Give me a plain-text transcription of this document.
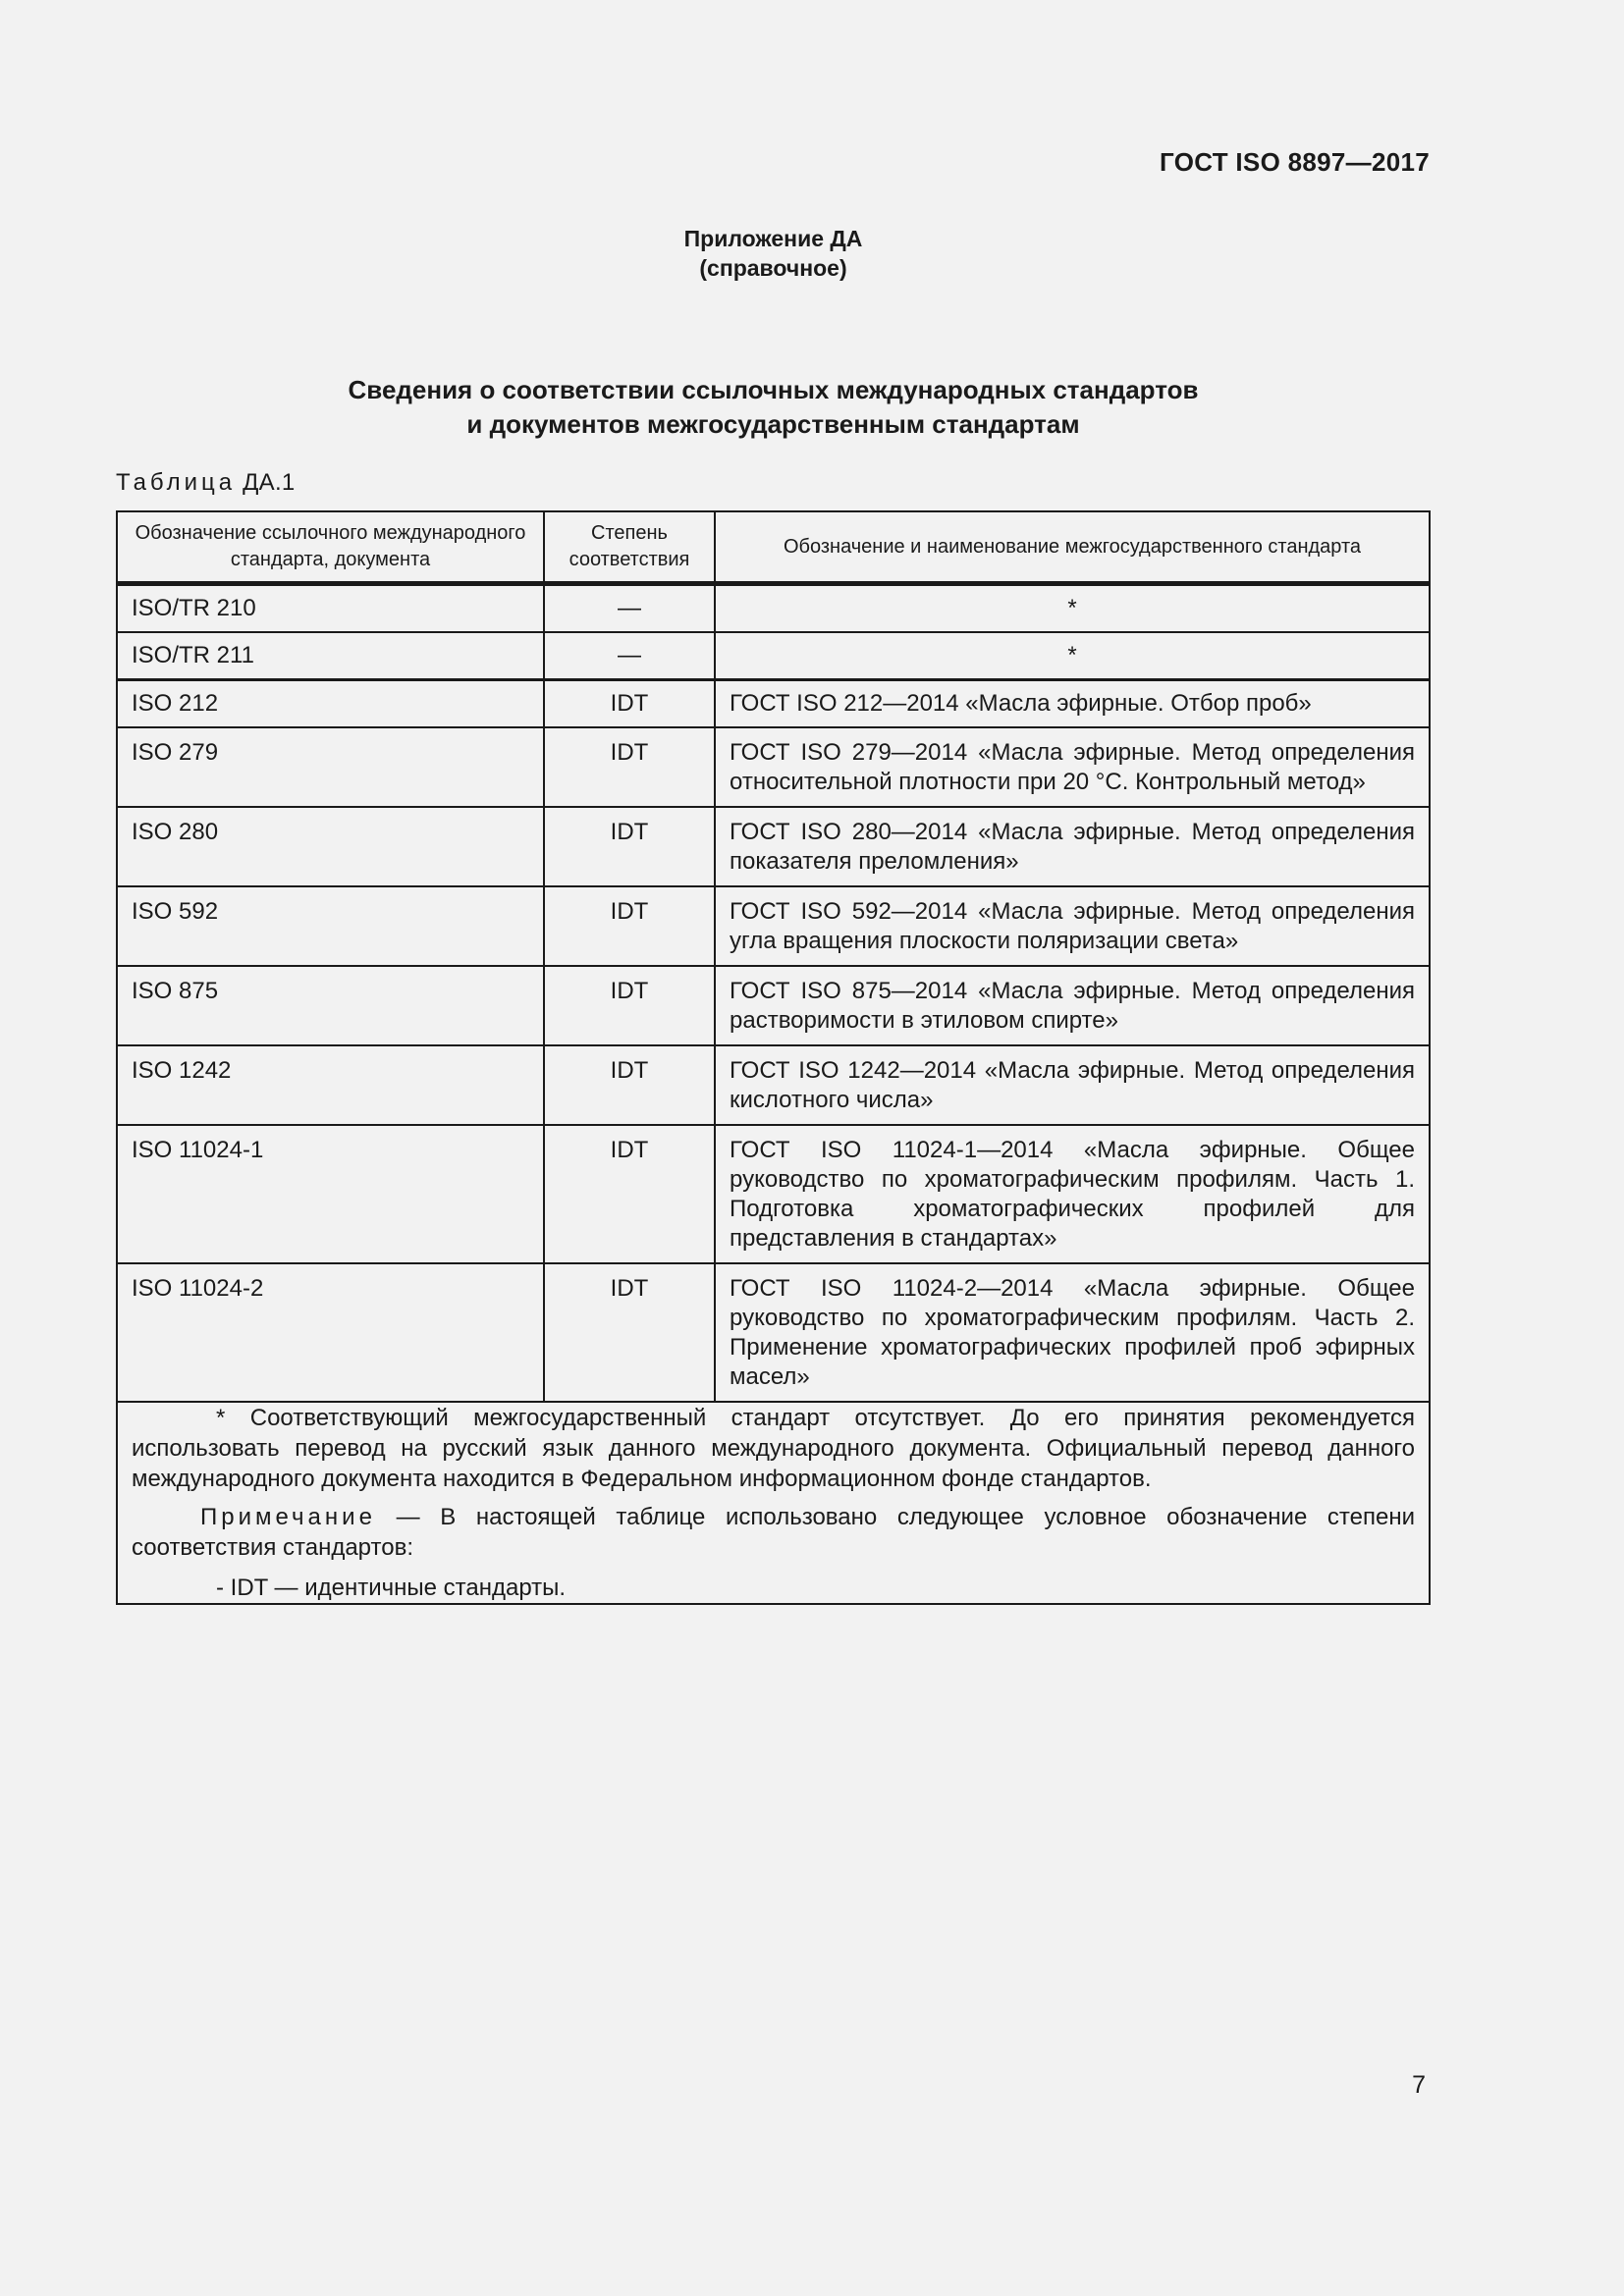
ГОСТ ISO 8897—2017
Приложение ДА
(справочное)
Сведения о соответствии ссылочных международных стандартов
и документов межгосударственным стандартам
Таблица ДА.1
Обозначение ссылочного международного стандарта, документа	Степень соответствия	Обозначение и наименование межгосударственного стандарта
ISO/TR 210	—	*
ISO/TR 211	—	*
ISO 212	IDT	ГОСТ ISO 212—2014 «Масла эфирные. Отбор проб»
ISO 279	IDT	ГОСТ ISO 279—2014 «Масла эфирные. Метод определения относительной плотности при 20 °С. Контрольный метод»
ISO 280	IDT	ГОСТ ISO 280—2014 «Масла эфирные. Метод определения показателя преломления»
ISO 592	IDT	ГОСТ ISO 592—2014 «Масла эфирные. Метод определения угла вращения плоскости поляризации света»
ISO 875	IDT	ГОСТ ISO 875—2014 «Масла эфирные. Метод определения растворимости в этиловом спирте»
ISO 1242	IDT	ГОСТ ISO 1242—2014 «Масла эфирные. Метод определения кислотного числа»
ISO 11024-1	IDT	ГОСТ ISO 11024-1—2014 «Масла эфирные. Общее руководство по хроматографическим профилям. Часть 1. Подготовка хроматографических профилей для представления в стандартах»
ISO 11024-2	IDT	ГОСТ ISO 11024-2—2014 «Масла эфирные. Общее руководство по хроматографическим профилям. Часть 2. Применение хроматографических профилей проб эфирных масел»

* Соответствующий межгосударственный стандарт отсутствует. До его принятия рекомендуется использовать перевод на русский язык данного международного документа. Официальный перевод данного международного документа находится в Федеральном информационном фонде стандартов.

Примечание — В настоящей таблице использовано следующее условное обозначение степени соответствия стандартов:

- IDT — идентичные стандарты.		

7
